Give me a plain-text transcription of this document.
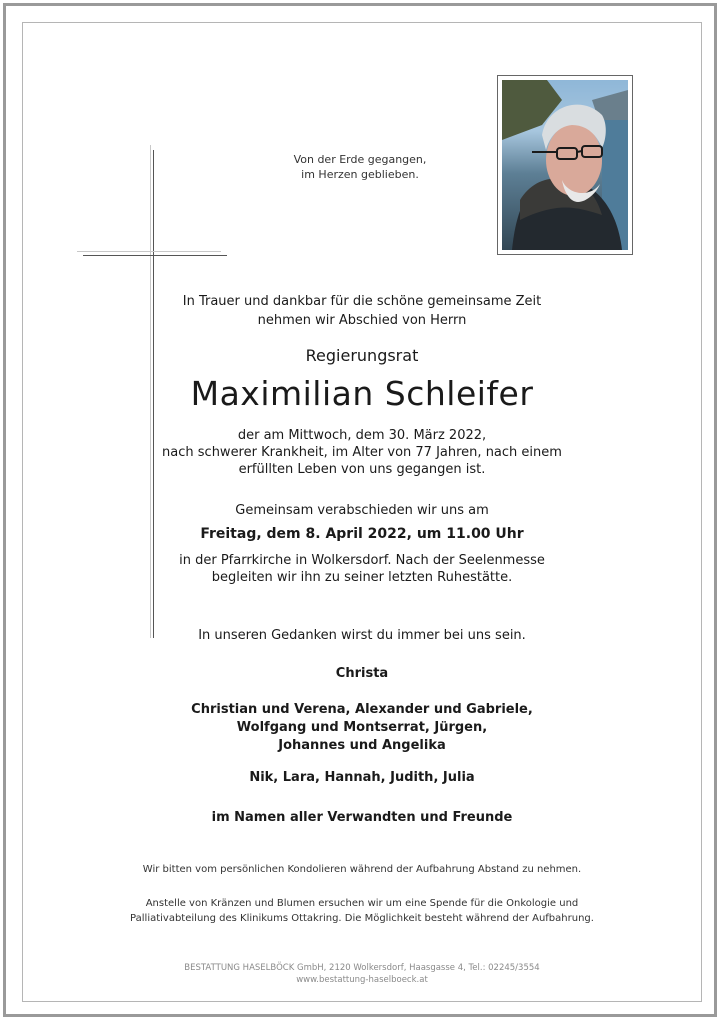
Von der Erde gegangen,
im Herzen geblieben.
In Trauer und dankbar für die schöne gemeinsame Zeit
nehmen wir Abschied von Herrn
Regierungsrat
Maximilian Schleifer
der am Mittwoch, dem 30. März 2022,
nach schwerer Krankheit, im Alter von 77 Jahren, nach einem
erfüllten Leben von uns gegangen ist.
Gemeinsam verabschieden wir uns am
Freitag, dem 8. April 2022, um 11.00 Uhr
in der Pfarrkirche in Wolkersdorf. Nach der Seelenmesse
begleiten wir ihn zu seiner letzten Ruhestätte.
In unseren Gedanken wirst du immer bei uns sein.
Christa
Christian und Verena, Alexander und Gabriele,
Wolfgang und Montserrat, Jürgen,
Johannes und Angelika
Nik, Lara, Hannah, Judith, Julia
im Namen aller Verwandten und Freunde
Wir bitten vom persönlichen Kondolieren während der Aufbahrung Abstand zu nehmen.
Anstelle von Kränzen und Blumen ersuchen wir um eine Spende für die Onkologie und
Palliativabteilung des Klinikums Ottakring. Die Möglichkeit besteht während der Aufbahrung.
BESTATTUNG HASELBÖCK GmbH, 2120 Wolkersdorf, Haasgasse 4, Tel.: 02245/3554
www.bestattung-haselboeck.at
